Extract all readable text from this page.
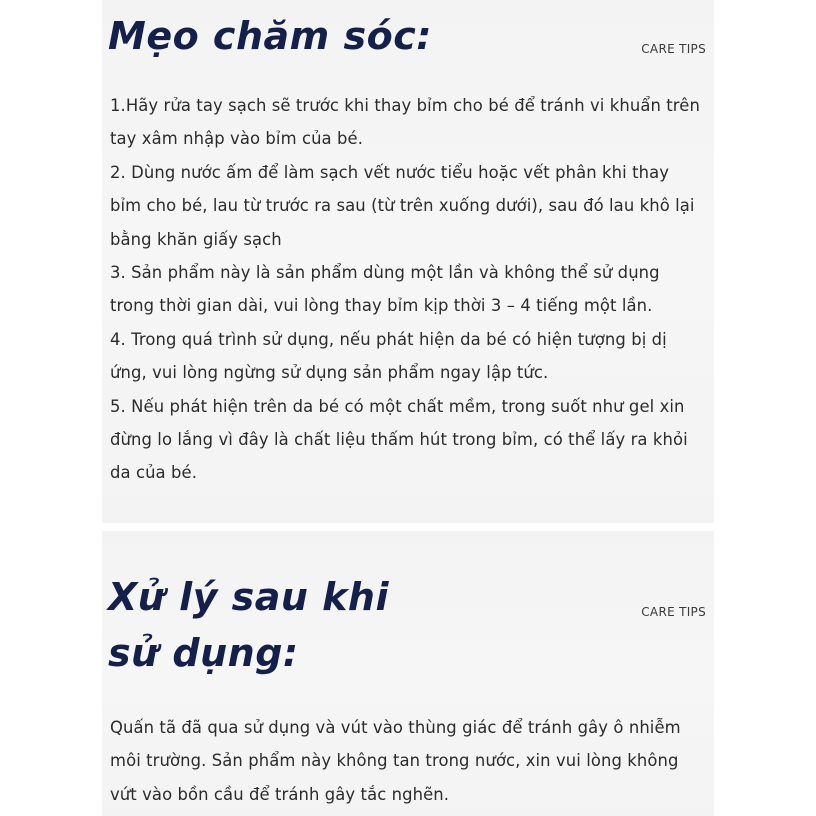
Mẹo chăm sóc:	CARE TIPS

1.Hãy rửa tay sạch sẽ trước khi thay bỉm cho bé để tránh vi khuẩn trên tay xâm nhập vào bỉm của bé.

2. Dùng nước ấm để làm sạch vết nước tiểu hoặc vết phân khi thay bỉm cho bé, lau từ trước ra sau (từ trên xuống dưới), sau đó lau khô lại bằng khăn giấy sạch

3. Sản phẩm này là sản phẩm dùng một lần và không thể sử dụng trong thời gian dài, vui lòng thay bỉm kịp thời 3 – 4 tiếng một lần.

4. Trong quá trình sử dụng, nếu phát hiện da bé có hiện tượng bị dị ứng, vui lòng ngừng sử dụng sản phẩm ngay lập tức.

5. Nếu phát hiện trên da bé có một chất mềm, trong suốt như gel xin đừng lo lắng vì đây là chất liệu thấm hút trong bỉm, có thể lấy ra khỏi da của bé.

Xử lý sau khi
sử dụng:
CARE TIPS

Quấn tã đã qua sử dụng và vút vào thùng giác để tránh gây ô nhiễm môi trường. Sản phẩm này không tan trong nước, xin vui lòng không vứt vào bồn cầu để tránh gây tắc nghẽn.
